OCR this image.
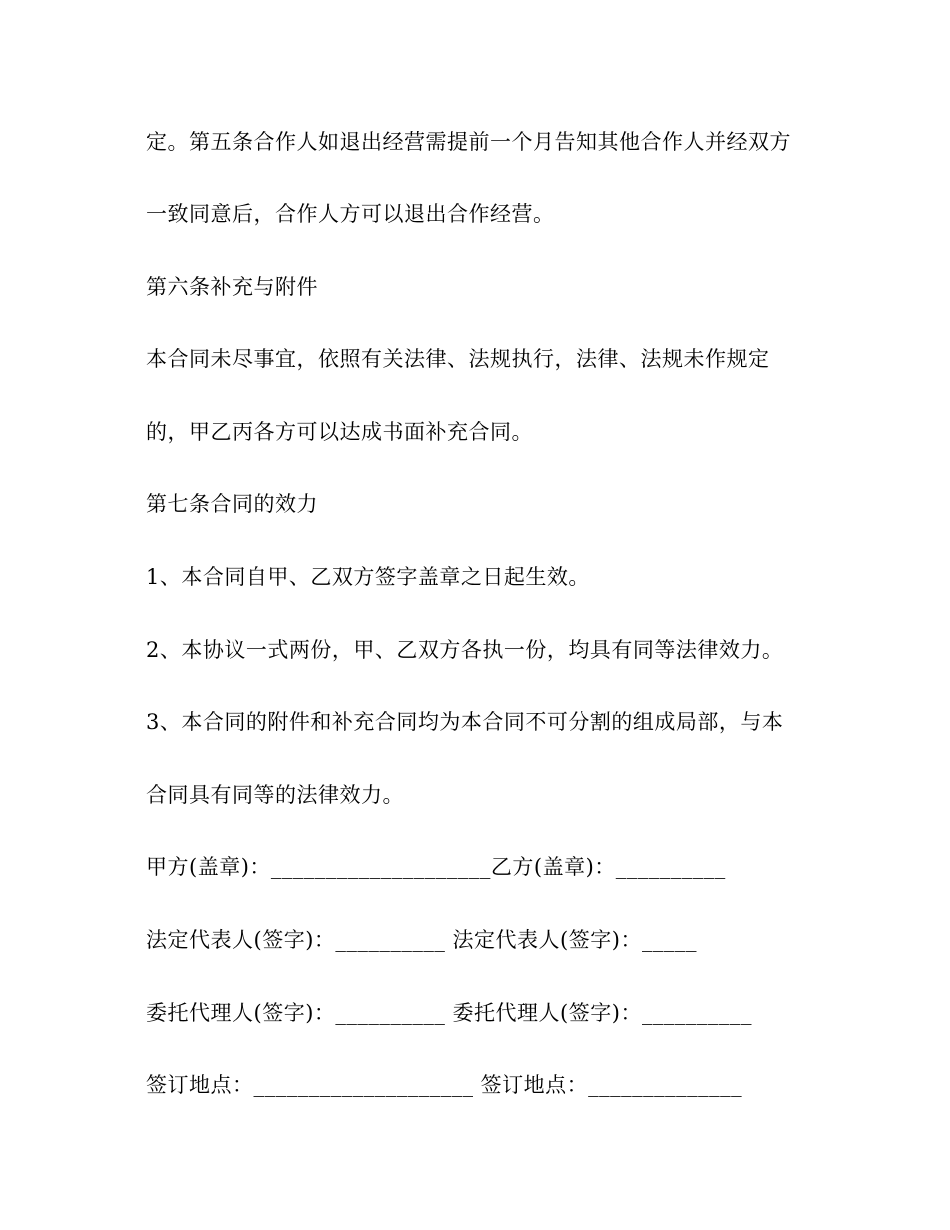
定。第五条合作人如退出经营需提前一个月告知其他合作人并经双方
一致同意后，合作人方可以退出合作经营。
第六条补充与附件
本合同未尽事宜，依照有关法律、法规执行，法律、法规未作规定
的，甲乙丙各方可以达成书面补充合同。
第七条合同的效力
1、本合同自甲、乙双方签字盖章之日起生效。
2、本协议一式两份，甲、乙双方各执一份，均具有同等法律效力。
3、本合同的附件和补充合同均为本合同不可分割的组成局部，与本
合同具有同等的法律效力。
甲方(盖章)：____________________乙方(盖章)：__________
法定代表人(签字)：__________ 法定代表人(签字)：_____
委托代理人(签字)：__________ 委托代理人(签字)：__________
签订地点：____________________ 签订地点：______________
